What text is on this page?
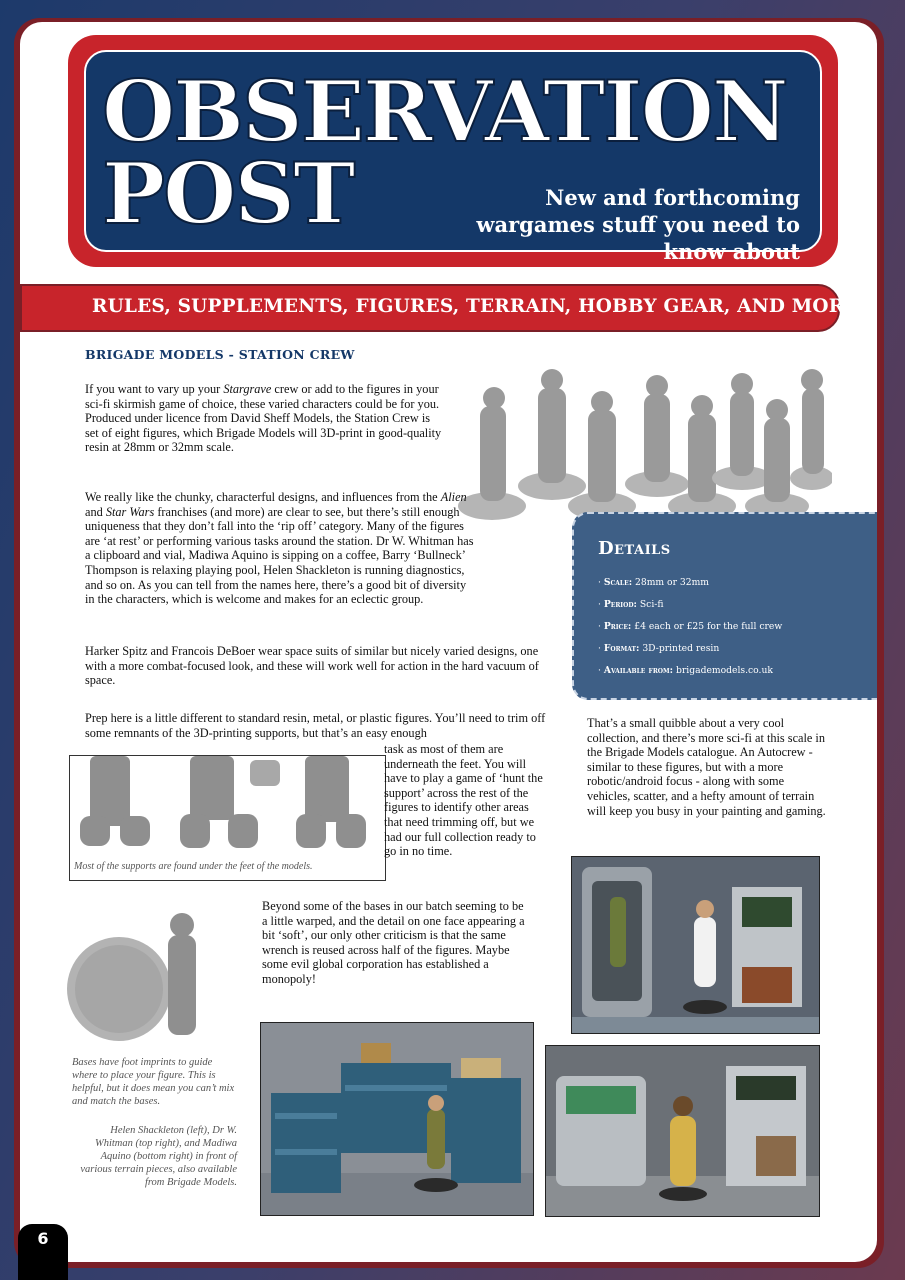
OBSERVATION
POST	New and forthcoming wargames stuff you need to know about
RULES, SUPPLEMENTS, FIGURES, TERRAIN, HOBBY GEAR, AND MORE
BRIGADE MODELS - STATION CREW

If you want to vary up your Stargrave crew or add to the figures in your sci-fi skirmish game of choice, these varied characters could be for you. Produced under licence from David Sheff Models, the Station Crew is set of eight figures, which Brigade Models will 3D-print in good-quality resin at 28mm or 32mm scale.

We really like the chunky, characterful designs, and influences from the Alien and Star Wars franchises (and more) are clear to see, but there’s still enough uniqueness that they don’t fall into the ‘rip off’ category. Many of the figures are ‘at rest’ or performing various tasks around the station. Dr W. Whitman has a clipboard and vial, Madiwa Aquino is sipping on a coffee, Barry ‘Bullneck’ Thompson is relaxing playing pool, Helen Shackleton is running diagnostics, and so on. As you can tell from the names here, there’s a good bit of diversity in the characters, which is welcome and makes for an eclectic group.

Harker Spitz and Francois DeBoer wear space suits of similar but nicely varied designs, one with a more combat-focused look, and these will work well for action in the hard vacuum of space.

Prep here is a little different to standard resin, metal, or plastic figures. You’ll need to trim off some remnants of the 3D-printing supports, but that’s an easy enough

Most of the supports are found under the feet of the models.

task as most of them are underneath the feet. You will have to play a game of ‘hunt the support’ across the rest of the figures to identify other areas that need trimming off, but we had our full collection ready to go in no time.

Details
· Scale: 28mm or 32mm
· Period: Sci-fi
· Price: £4 each or £25 for the full crew
· Format: 3D-printed resin
· Available from: brigademodels.co.uk

That’s a small quibble about a very cool collection, and there’s more sci-fi at this scale in the Brigade Models catalogue. An Autocrew - similar to these figures, but with a more robotic/android focus - along with some vehicles, scatter, and a hefty amount of terrain will keep you busy in your painting and gaming.

Bases have foot imprints to guide where to place your figure. This is helpful, but it does mean you can’t mix and match the bases.

Helen Shackleton (left), Dr W. Whitman (top right), and Madiwa Aquino (bottom right) in front of various terrain pieces, also available from Brigade Models.

Beyond some of the bases in our batch seeming to be a little warped, and the detail on one face appearing a bit ‘soft’, our only other criticism is that the same wrench is reused across half of the figures. Maybe some evil global corporation has established a monopoly!

6
